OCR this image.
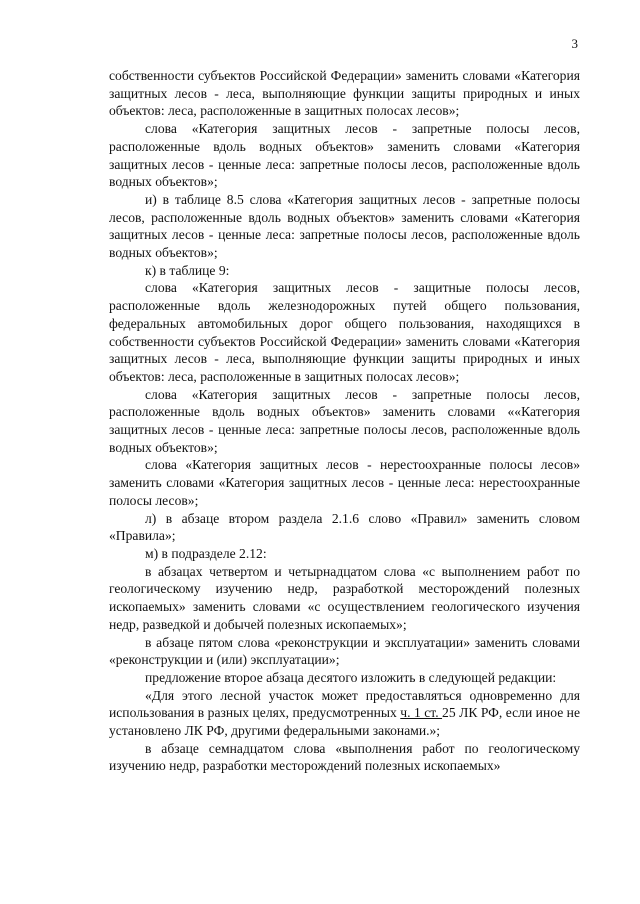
3

собственности субъектов Российской Федерации» заменить словами «Категория защитных лесов - леса, выполняющие функции защиты природных и иных объектов: леса, расположенные в защитных полосах лесов»;

слова «Категория защитных лесов - запретные полосы лесов, расположенные вдоль водных объектов» заменить словами «Категория защитных лесов - ценные леса: запретные полосы лесов, расположенные вдоль водных объектов»;

и) в таблице 8.5 слова «Категория защитных лесов - запретные полосы лесов, расположенные вдоль водных объектов» заменить словами «Категория защитных лесов - ценные леса: запретные полосы лесов, расположенные вдоль водных объектов»;

к) в таблице 9:

слова «Категория защитных лесов - защитные полосы лесов, расположенные вдоль железнодорожных путей общего пользования, федеральных автомобильных дорог общего пользования, находящихся в собственности субъектов Российской Федерации» заменить словами «Категория защитных лесов - леса, выполняющие функции защиты природных и иных объектов: леса, расположенные в защитных полосах лесов»;

слова «Категория защитных лесов - запретные полосы лесов, расположенные вдоль водных объектов» заменить словами ««Категория защитных лесов - ценные леса: запретные полосы лесов, расположенные вдоль водных объектов»;

слова «Категория защитных лесов - нерестоохранные полосы лесов» заменить словами «Категория защитных лесов - ценные леса: нерестоохранные полосы лесов»;

л) в абзаце втором раздела 2.1.6 слово «Правил» заменить словом «Правила»;

м) в подразделе 2.12:

в абзацах четвертом и четырнадцатом слова «с выполнением работ по геологическому изучению недр, разработкой месторождений полезных ископаемых» заменить словами «с осуществлением геологического изучения недр, разведкой и добычей полезных ископаемых»;

в абзаце пятом слова «реконструкции и эксплуатации» заменить словами «реконструкции и (или) эксплуатации»;

предложение второе абзаца десятого изложить в следующей редакции:

«Для этого лесной участок может предоставляться одновременно для использования в разных целях, предусмотренных ч. 1 ст. 25 ЛК РФ, если иное не установлено ЛК РФ, другими федеральными законами.»;

в абзаце семнадцатом слова «выполнения работ по геологическому изучению недр, разработки месторождений полезных ископаемых»
